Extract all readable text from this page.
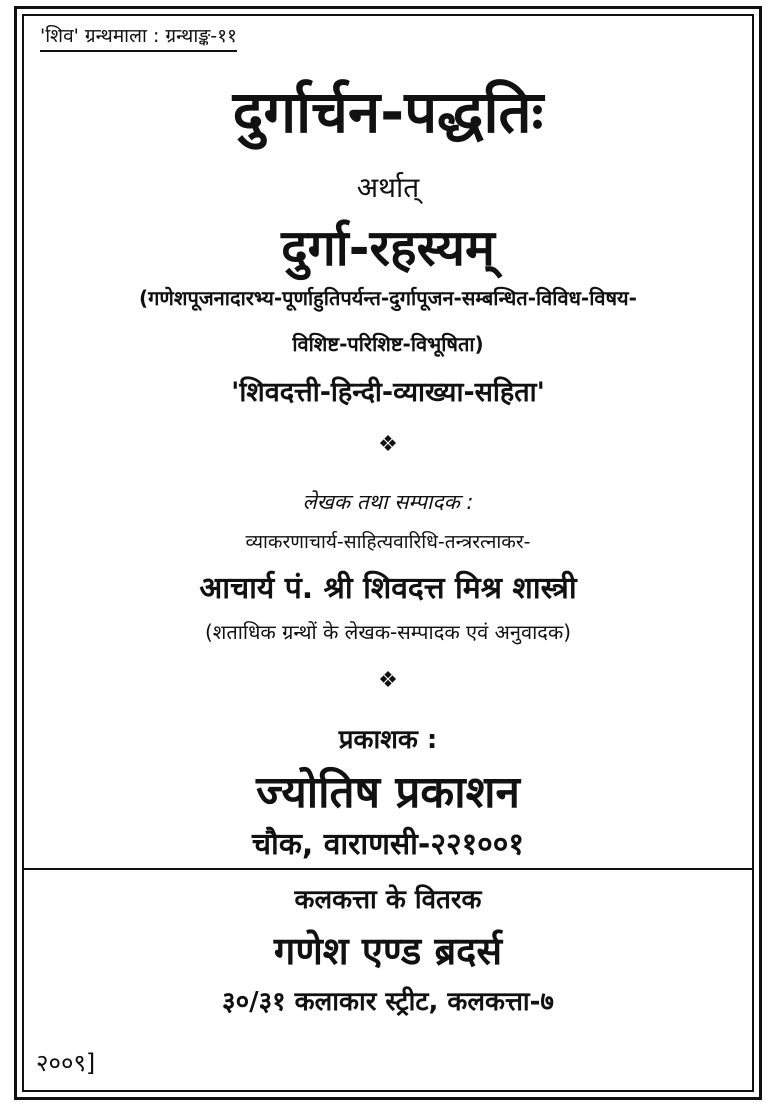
'शिव' ग्रन्थमाला : ग्रन्थाङ्क-११
दुर्गार्चन-पद्धतिः
अर्थात्
दुर्गा-रहस्यम्
(गणेशपूजनादारभ्य-पूर्णाहुतिपर्यन्त-दुर्गापूजन-सम्बन्धित-विविध-विषय-
विशिष्ट-परिशिष्ट-विभूषिता)
'शिवदत्ती-हिन्दी-व्याख्या-सहिता'
❖
लेखक तथा सम्पादक :
व्याकरणाचार्य-साहित्यवारिधि-तन्त्ररत्नाकर-
आचार्य पं. श्री शिवदत्त मिश्र शास्त्री
(शताधिक ग्रन्थों के लेखक-सम्पादक एवं अनुवादक)
❖
प्रकाशक :
ज्योतिष प्रकाशन
चौक, वाराणसी-२२१००१
कलकत्ता के वितरक
गणेश एण्ड ब्रदर्स
३०/३१ कलाकार स्ट्रीट, कलकत्ता-७
२००९]
